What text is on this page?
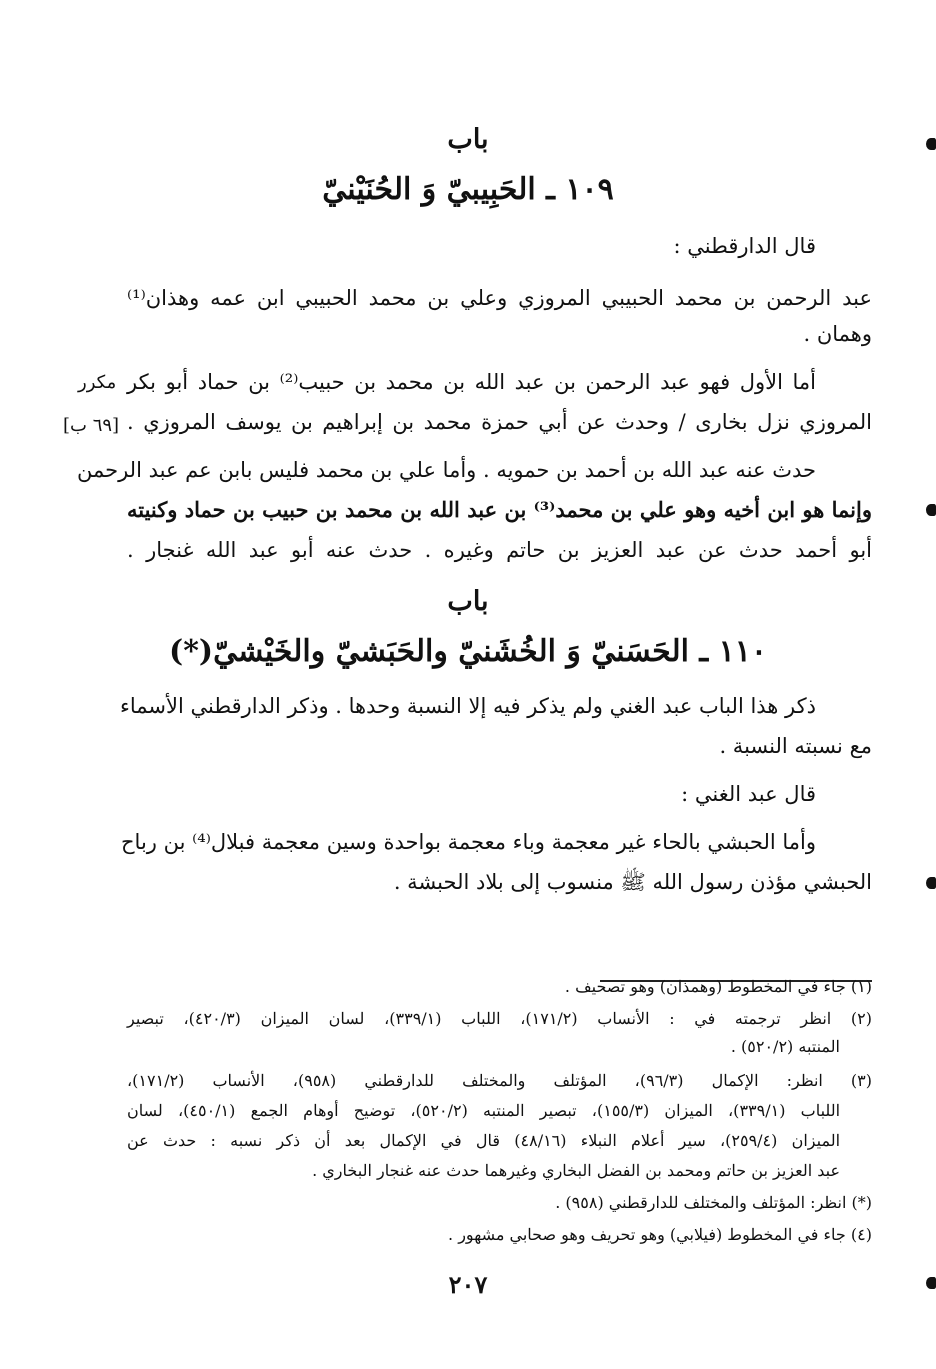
باب
١٠٩ ـ الحَبِيبيّ وَ الحُنَيْنيّ
قال الدارقطني :
عبد الرحمن بن محمد الحبيبي المروزي وعلي بن محمد الحبيبي ابن عمه وهذان⁽¹⁾
وهمان .
أما الأول فهو عبد الرحمن بن عبد الله بن محمد بن حبيب⁽²⁾ بن حماد أبو بكر
المروزي نزل بخارى / وحدث عن أبي حمزة محمد بن إبراهيم بن يوسف المروزي .
حدث عنه عبد الله بن أحمد بن حمويه . وأما علي بن محمد فليس بابن عم عبد الرحمن
وإنما هو ابن أخيه وهو علي بن محمد⁽³⁾ بن عبد الله بن محمد بن حبيب بن حماد وكنيته
أبو أحمد حدث عن عبد العزيز بن حاتم وغيره . حدث عنه أبو عبد الله غنجار .
مكرر
[٦٩ ب]
باب
١١٠ ـ الحَسَنيّ وَ الخُشَنيّ والحَبَشيّ والخَيْشيّ(*)
ذكر هذا الباب عبد الغني ولم يذكر فيه إلا النسبة وحدها . وذكر الدارقطني الأسماء
مع نسبته النسبة .
قال عبد الغني :
وأما الحبشي بالحاء غير معجمة وباء معجمة بواحدة وسين معجمة فبلال⁽⁴⁾ بن رباح
الحبشي مؤذن رسول الله ﷺ منسوب إلى بلاد الحبشة .
(١) جاء في المخطوط (وهمذان) وهو تصحيف .
(٢) انظر ترجمته في : الأنساب (١٧١/٢)، اللباب (٣٣٩/١)، لسان الميزان (٤٢٠/٣)، تبصير
المنتبه (٥٢٠/٢) .
(٣) انظر: الإكمال (٩٦/٣)، المؤتلف والمختلف للدارقطني (٩٥٨)، الأنساب (١٧١/٢)،
اللباب (٣٣٩/١)، الميزان (١٥٥/٣)، تبصير المنتبه (٥٢٠/٢)، توضيح أوهام الجمع (٤٥٠/١)، لسان
الميزان (٢٥٩/٤)، سير أعلام النبلاء (٤٨/١٦) قال في الإكمال بعد أن ذكر نسبه : حدث عن
عبد العزيز بن حاتم ومحمد بن الفضل البخاري وغيرهما حدث عنه غنجار البخاري .
(*) انظر: المؤتلف والمختلف للدارقطني (٩٥٨) .
(٤) جاء في المخطوط (فيلابي) وهو تحريف وهو صحابي مشهور .
٢٠٧
